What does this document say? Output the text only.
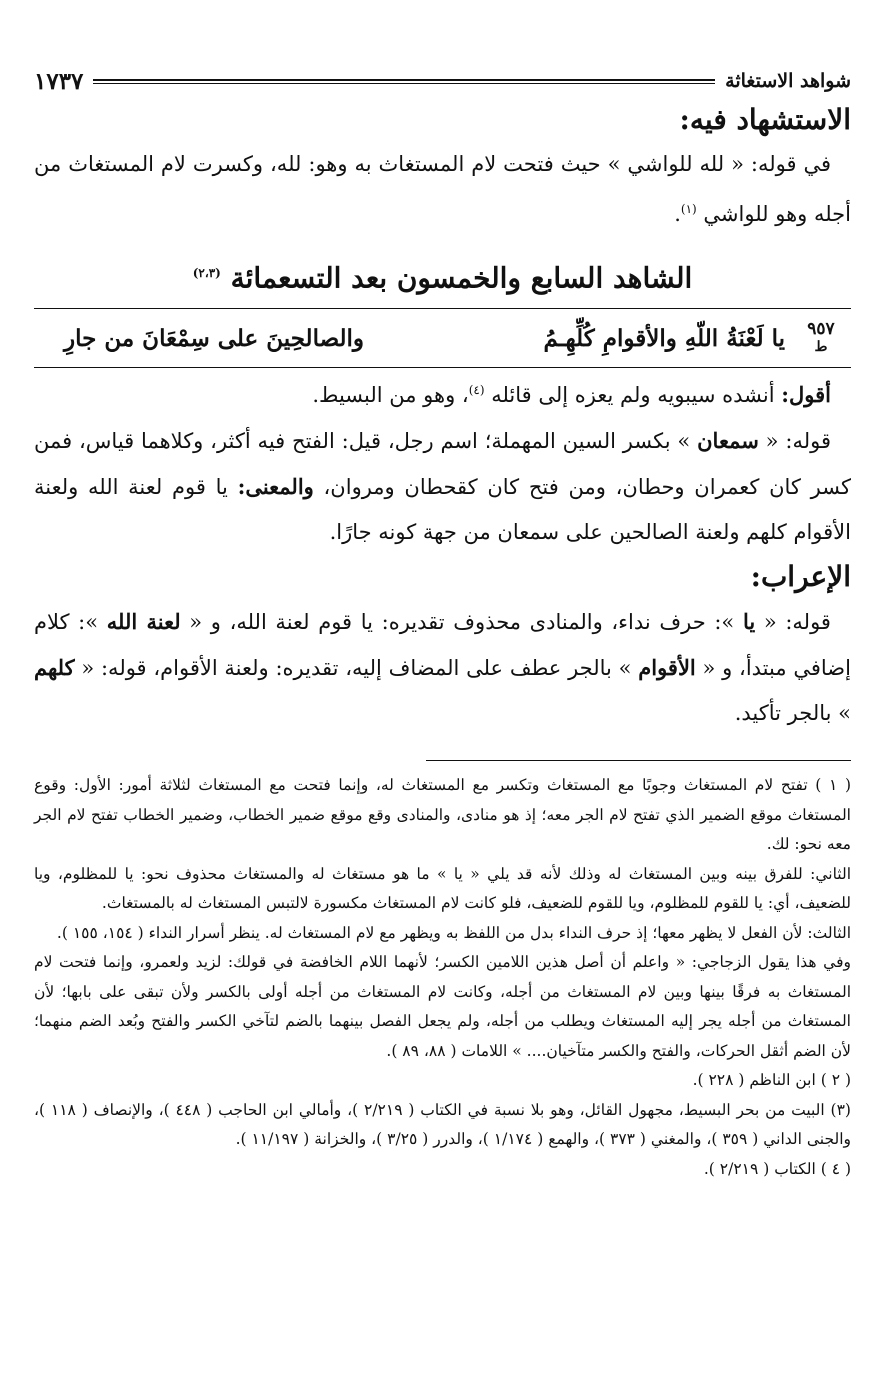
شواهد الاستغاثة
١٧٣٧
الاستشهاد فيه:

في قوله: « لله للواشي » حيث فتحت لام المستغاث به وهو: لله، وكسرت لام المستغاث من أجله وهو للواشي $^{(١)}$.

الشاهد السابع والخمسون بعد التسعمائة $^{(٢،٣)}$
٩٥٧
ط
يا لَعْنَةُ اللّهِ والأقوامِ كُلِّهِـمُ
والصالحِينَ على سِمْعَانَ من جارِ

أقول: أنشده سيبويه ولم يعزه إلى قائله $^{(٤)}$، وهو من البسيط.

قوله: « سمعان » بكسر السين المهملة؛ اسم رجل، قيل: الفتح فيه أكثر، وكلاهما قياس، فمن كسر كان كعمران وحطان، ومن فتح كان كقحطان ومروان، والمعنى: يا قوم لعنة الله ولعنة الأقوام كلهم ولعنة الصالحين على سمعان من جهة كونه جارًا.

الإعراب:

قوله: « يا »: حرف نداء، والمنادى محذوف تقديره: يا قوم لعنة الله، و « لعنة الله »: كلام إضافي مبتدأ، و « الأقوام » بالجر عطف على المضاف إليه، تقديره: ولعنة الأقوام، قوله: « كلهم » بالجر تأكيد.

( ١ ) تفتح لام المستغاث وجوبًا مع المستغاث وتكسر مع المستغاث له، وإنما فتحت مع المستغاث لثلاثة أمور: الأول: وقوع المستغاث موقع الضمير الذي تفتح لام الجر معه؛ إذ هو منادى، والمنادى وقع موقع ضمير الخطاب، وضمير الخطاب تفتح لام الجر معه نحو: لك.

الثاني: للفرق بينه وبين المستغاث له وذلك لأنه قد يلي « يا » ما هو مستغاث له والمستغاث محذوف نحو: يا للمظلوم، ويا للضعيف، أي: يا للقوم للمظلوم، ويا للقوم للضعيف، فلو كانت لام المستغاث مكسورة لالتبس المستغاث له بالمستغاث.

الثالث: لأن الفعل لا يظهر معها؛ إذ حرف النداء بدل من اللفظ به ويظهر مع لام المستغاث له. ينظر أسرار النداء ( ١٥٤، ١٥٥ ).

وفي هذا يقول الزجاجي: « واعلم أن أصل هذين اللامين الكسر؛ لأنهما اللام الخافضة في قولك: لزيد ولعمرو، وإنما فتحت لام المستغاث به فرقًا بينها وبين لام المستغاث من أجله، وكانت لام المستغاث من أجله أولى بالكسر ولأن تبقى على بابها؛ لأن المستغاث من أجله يجر إليه المستغاث ويطلب من أجله، ولم يجعل الفصل بينهما بالضم لتآخي الكسر والفتح وبُعد الضم منهما؛ لأن الضم أثقل الحركات، والفتح والكسر متآخيان.... » اللامات ( ٨٨، ٨٩ ).

( ٢ ) ابن الناظم ( ٢٢٨ ).

(٣) البيت من بحر البسيط، مجهول القائل، وهو بلا نسبة في الكتاب ( ٢/٢١٩ )، وأمالي ابن الحاجب ( ٤٤٨ )، والإنصاف ( ١١٨ )، والجنى الداني ( ٣٥٩ )، والمغني ( ٣٧٣ )، والهمع ( ١/١٧٤ )، والدرر ( ٣/٢٥ )، والخزانة ( ١١/١٩٧ ).

( ٤ ) الكتاب ( ٢/٢١٩ ).
